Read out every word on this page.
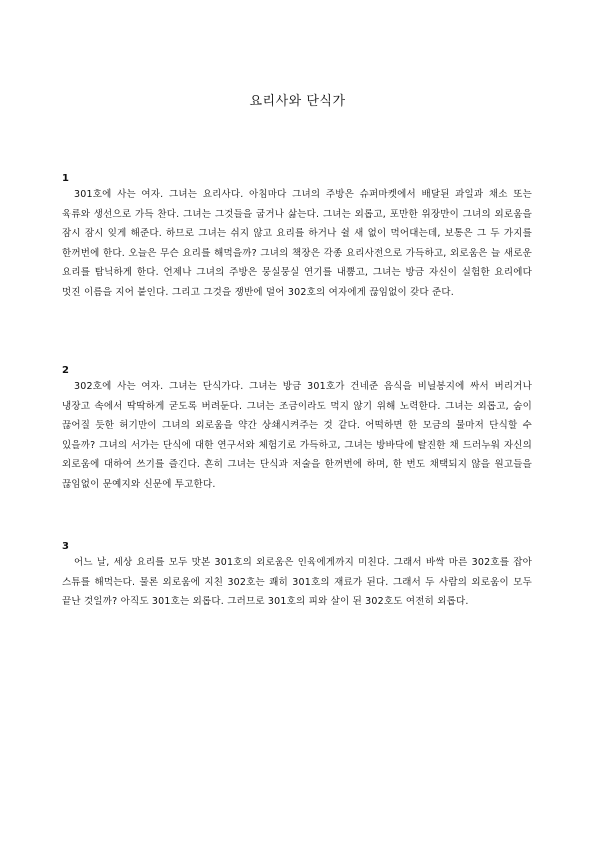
요리사와 단식가
1

301호에 사는 여자. 그녀는 요리사다. 아침마다 그녀의 주방은 슈퍼마켓에서 배달된 과일과 채소 또는 육류와 생선으로 가득 찬다. 그녀는 그것들을 굽거나 삶는다. 그녀는 외롭고, 포만한 위장만이 그녀의 외로움을 잠시 잠시 잊게 해준다. 하므로 그녀는 쉬지 않고 요리를 하거나 쉴 새 없이 먹어대는데, 보통은 그 두 가지를 한꺼번에 한다. 오늘은 무슨 요리를 해먹을까? 그녀의 책장은 각종 요리사전으로 가득하고, 외로움은 늘 새로운 요리를 탐닉하게 한다. 언제나 그녀의 주방은 뭉실뭉실 연기를 내뿜고, 그녀는 방금 자신이 실험한 요리에다 멋진 이름을 지어 붙인다. 그리고 그것을 쟁반에 덜어 302호의 여자에게 끊임없이 갖다 준다.

2

302호에 사는 여자. 그녀는 단식가다. 그녀는 방금 301호가 건네준 음식을 비닐봉지에 싸서 버리거나 냉장고 속에서 딱딱하게 굳도록 버려둔다. 그녀는 조금이라도 먹지 않기 위해 노력한다. 그녀는 외롭고, 숨이 끊어질 듯한 허기만이 그녀의 외로움을 약간 상쇄시켜주는 것 같다. 어떡하면 한 모금의 물마저 단식할 수 있을까? 그녀의 서가는 단식에 대한 연구서와 체험기로 가득하고, 그녀는 방바닥에 탈진한 채 드러누워 자신의 외로움에 대하여 쓰기를 즐긴다. 흔히 그녀는 단식과 저술을 한꺼번에 하며, 한 번도 채택되지 않을 원고들을 끊임없이 문예지와 신문에 투고한다.

3

어느 날, 세상 요리를 모두 맛본 301호의 외로움은 인육에게까지 미친다. 그래서 바싹 마른 302호를 잡아 스튜를 해먹는다. 물론 외로움에 지친 302호는 쾌히 301호의 재료가 된다. 그래서 두 사람의 외로움이 모두 끝난 것일까? 아직도 301호는 외롭다. 그러므로 301호의 피와 살이 된 302호도 여전히 외롭다.
